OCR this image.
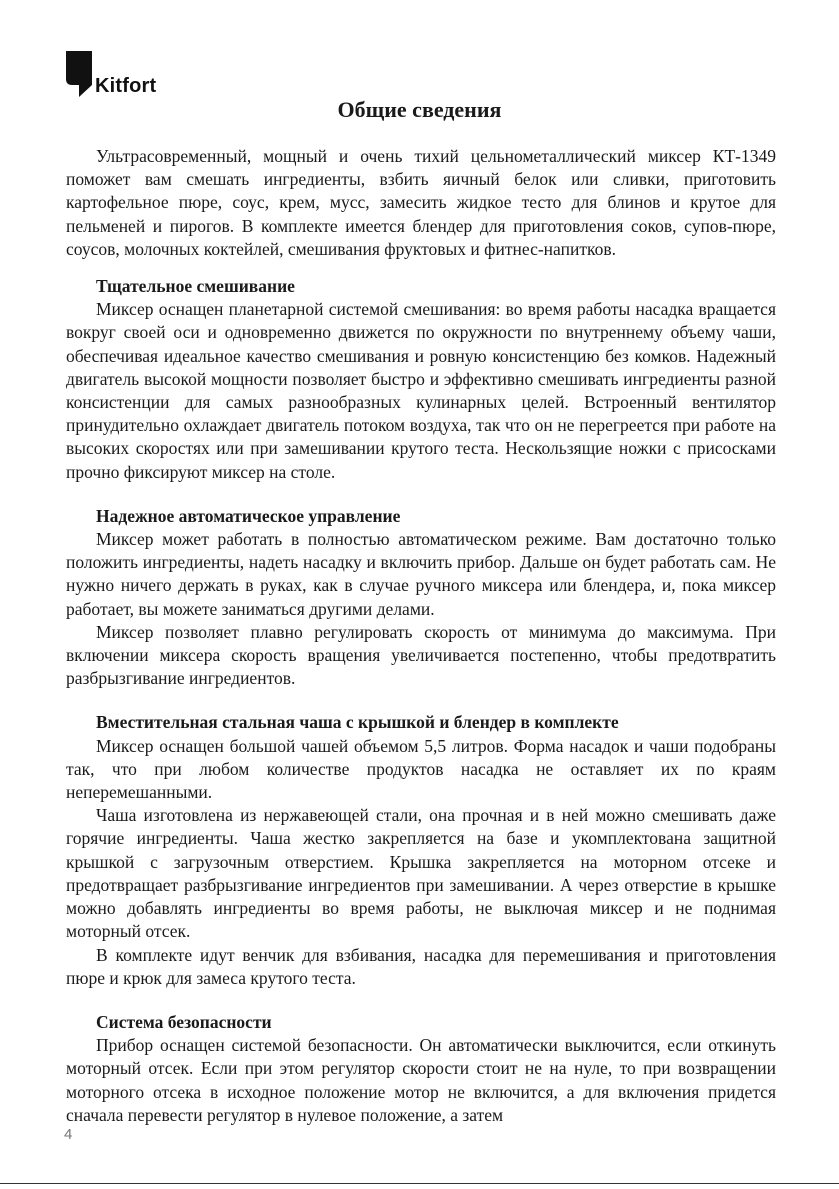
Kitfort
Общие сведения

Ультрасовременный, мощный и очень тихий цельнометаллический миксер КТ-1349 поможет вам смешать ингредиенты, взбить яичный белок или сливки, приготовить картофельное пюре, соус, крем, мусс, замесить жидкое тесто для блинов и крутое для пельменей и пирогов. В комплекте имеется блендер для приготовления соков, супов-пюре, соусов, молочных коктейлей, смешивания фруктовых и фитнес-напитков.

Тщательное смешивание

Миксер оснащен планетарной системой смешивания: во время работы насадка вращается вокруг своей оси и одновременно движется по окружности по внутреннему объему чаши, обеспечивая идеальное качество смешивания и ровную консистенцию без комков. Надежный двигатель высокой мощности позволяет быстро и эффективно смешивать ингредиенты разной консистенции для самых разнообразных кулинарных целей. Встроенный вентилятор принудительно охлаждает двигатель потоком воздуха, так что он не перегреется при работе на высоких скоростях или при замешивании крутого теста. Нескользящие ножки с присосками прочно фиксируют миксер на столе.

Надежное автоматическое управление

Миксер может работать в полностью автоматическом режиме. Вам достаточно только положить ингредиенты, надеть насадку и включить прибор. Дальше он будет работать сам. Не нужно ничего держать в руках, как в случае ручного миксера или блендера, и, пока миксер работает, вы можете заниматься другими делами.

Миксер позволяет плавно регулировать скорость от минимума до максимума. При включении миксера скорость вращения увеличивается постепенно, чтобы предотвратить разбрызгивание ингредиентов.

Вместительная стальная чаша с крышкой и блендер в комплекте

Миксер оснащен большой чашей объемом 5,5 литров. Форма насадок и чаши подобраны так, что при любом количестве продуктов насадка не оставляет их по краям неперемешанными.

Чаша изготовлена из нержавеющей стали, она прочная и в ней можно смешивать даже горячие ингредиенты. Чаша жестко закрепляется на базе и укомплектована защитной крышкой с загрузочным отверстием. Крышка закрепляется на моторном отсеке и предотвращает разбрызгивание ингредиентов при замешивании. А через отверстие в крышке можно добавлять ингредиенты во время работы, не выключая миксер и не поднимая моторный отсек.

В комплекте идут венчик для взбивания, насадка для перемешивания и приготовления пюре и крюк для замеса крутого теста.

Система безопасности

Прибор оснащен системой безопасности. Он автоматически выключится, если откинуть моторный отсек. Если при этом регулятор скорости стоит не на нуле, то при возвращении моторного отсека в исходное положение мотор не включится, а для включения придется сначала перевести регулятор в нулевое положение, а затем

4
